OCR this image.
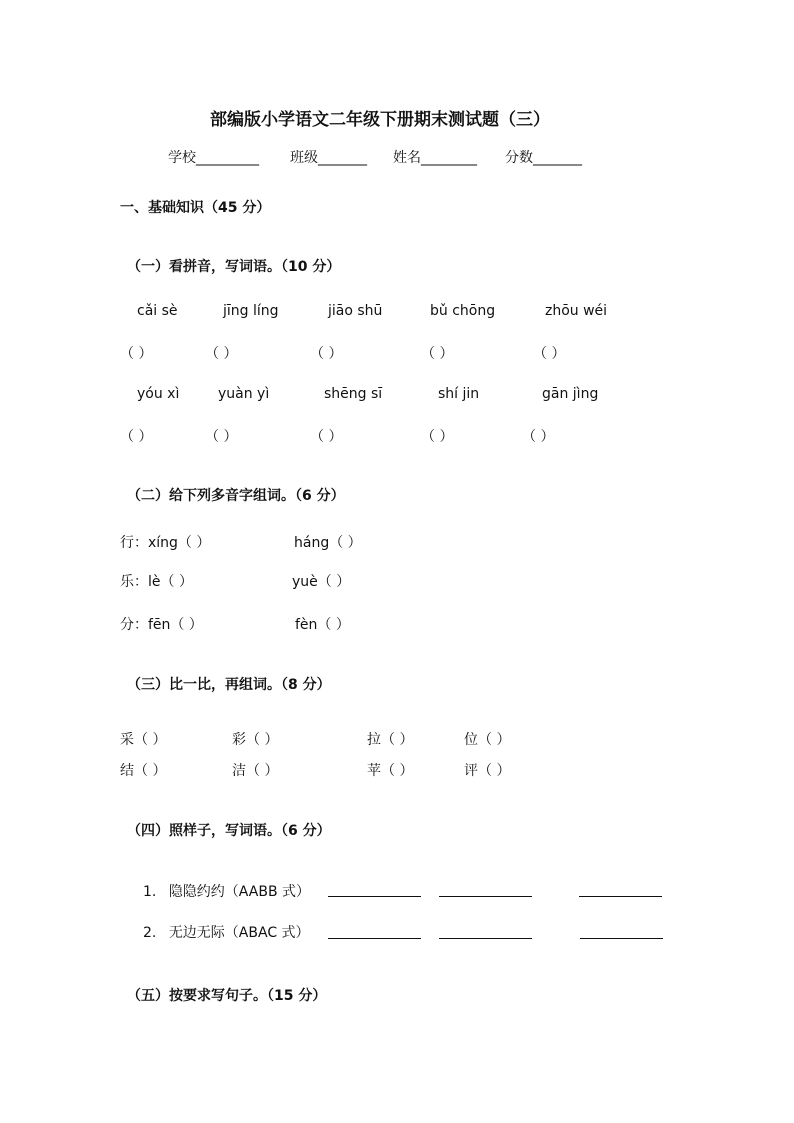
部编版小学语文二年级下册期末测试题（三）
学校_________ 班级_______ 姓名________ 分数_______
一、基础知识（45 分）
（一）看拼音，写词语。（10 分）
cǎi sè	jīng líng	jiāo shū	bǔ chōng	zhōu wéi
（ ）	（ ）	（ ）	（ ）	（ ）
yóu xì	yuàn yì	shēng sī	shí jin	gān jìng
（ ）	（ ）	（ ）	（ ）	（ ）
（二）给下列多音字组词。（6 分）
行：xíng（ ）	háng（ ）
乐：lè（ ）	yuè（ ）
分：fēn（ ）	fèn（ ）
（三）比一比，再组词。（8 分）
采（ ）	彩（ ）	拉（ ）	位（ ）
结（ ）	洁（ ）	苹（ ）	评（ ）
（四）照样子，写词语。（6 分）
1. 隐隐约约（AABB 式）
2. 无边无际（ABAC 式）
（五）按要求写句子。（15 分）
